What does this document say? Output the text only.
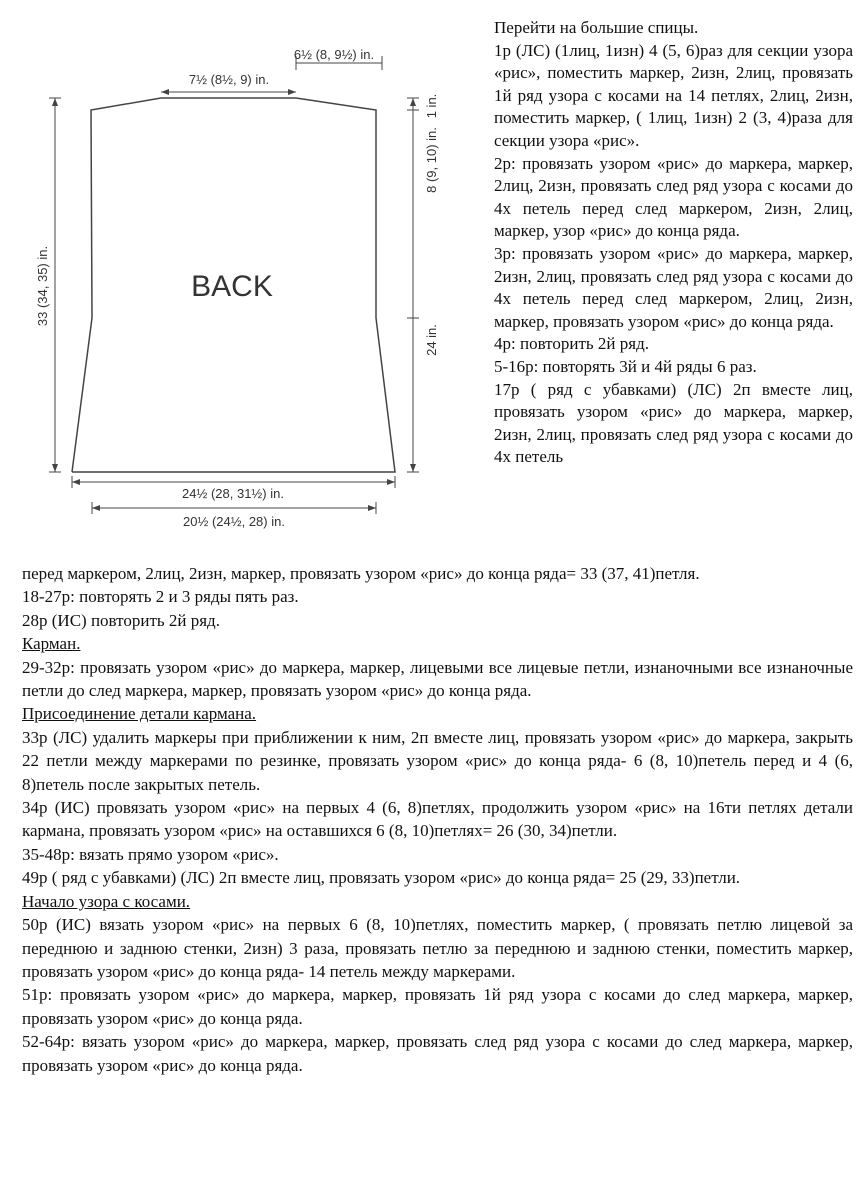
BACK
6½ (8, 9½) in.
7½ (8½, 9) in.
33 (34, 35) in.
1 in.
8 (9, 10) in.
24 in.
24½ (28, 31½) in.
20½ (24½, 28) in.

Перейти на большие спицы.

1р (ЛС) (1лиц, 1изн) 4 (5, 6)раз для секции узора «рис», поместить маркер, 2изн, 2лиц, провязать 1й ряд узора с косами на 14 петлях, 2лиц, 2изн, поместить маркер, ( 1лиц, 1изн) 2 (3, 4)раза для секции узора «рис».

2р: провязать узором «рис» до маркера, маркер, 2лиц, 2изн, провязать след ряд узора с косами до 4х петель перед след маркером, 2изн, 2лиц, маркер, узор «рис» до конца ряда.

3р: провязать узором «рис» до маркера, маркер, 2изн, 2лиц, провязать след ряд узора с косами до 4х петель перед след маркером, 2лиц, 2изн, маркер, провязать узором «рис» до конца ряда.

4р: повторить 2й ряд.

5-16р: повторять 3й и 4й ряды 6 раз.

17р ( ряд с убавками) (ЛС) 2п вместе лиц, провязать узором «рис» до маркера, маркер, 2изн, 2лиц, провязать след ряд узора с косами до 4х петель

перед маркером, 2лиц, 2изн, маркер, провязать узором «рис» до конца ряда= 33 (37, 41)петля.

18-27р: повторять 2 и 3 ряды пять раз.

28р (ИС) повторить 2й ряд.

Карман.

29-32р: провязать узором «рис» до маркера, маркер, лицевыми все лицевые петли, изнаночными все изнаночные петли до след маркера, маркер, провязать узором «рис» до конца ряда.

Присоединение детали кармана.

33р (ЛС) удалить маркеры при приближении к ним, 2п вместе лиц, провязать узором «рис» до маркера, закрыть 22 петли между маркерами по резинке, провязать узором «рис» до конца ряда- 6 (8, 10)петель перед и 4 (6, 8)петель после закрытых петель.

34р (ИС) провязать узором «рис» на первых 4 (6, 8)петлях, продолжить узором «рис» на 16ти петлях детали кармана, провязать узором «рис» на оставшихся 6 (8, 10)петлях= 26 (30, 34)петли.

35-48р: вязать прямо узором «рис».

49р ( ряд с убавками) (ЛС) 2п вместе лиц, провязать узором «рис» до конца ряда= 25 (29, 33)петли.

Начало узора с косами.

50р (ИС) вязать узором «рис» на первых 6 (8, 10)петлях, поместить маркер, ( провязать петлю лицевой за переднюю и заднюю стенки, 2изн) 3 раза, провязать петлю за переднюю и заднюю стенки, поместить маркер, провязать узором «рис» до конца ряда- 14 петель между маркерами.

51р: провязать узором «рис» до маркера, маркер, провязать 1й ряд узора с косами до след маркера, маркер, провязать узором «рис» до конца ряда.

52-64р: вязать узором «рис» до маркера, маркер, провязать след ряд узора с косами до след маркера, маркер, провязать узором «рис» до конца ряда.
